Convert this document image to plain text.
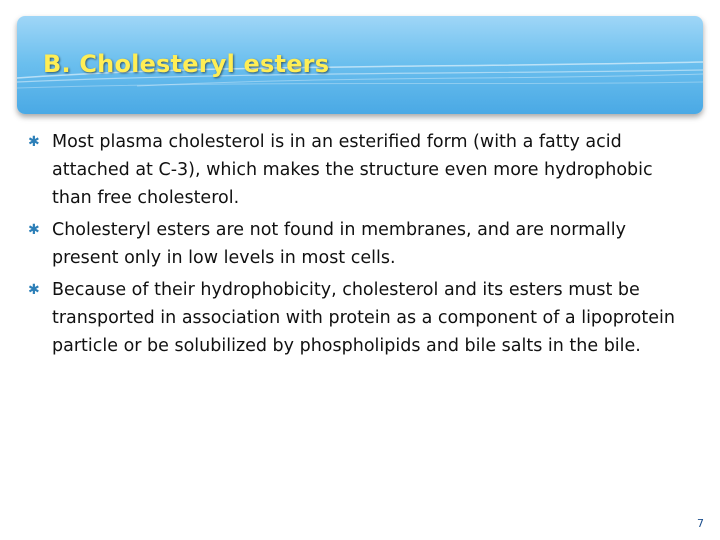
B. Cholesteryl esters
✱ Most plasma cholesterol is in an esterified form (with a fatty acid attached at C-3), which makes the structure even more hydrophobic than free cholesterol.
✱ Cholesteryl esters are not found in membranes, and are normally present only in low levels in most cells.
✱ Because of their hydrophobicity, cholesterol and its esters must be transported in association with protein as a component of a lipoprotein particle or be solubilized by phospholipids and bile salts in the bile.
7
